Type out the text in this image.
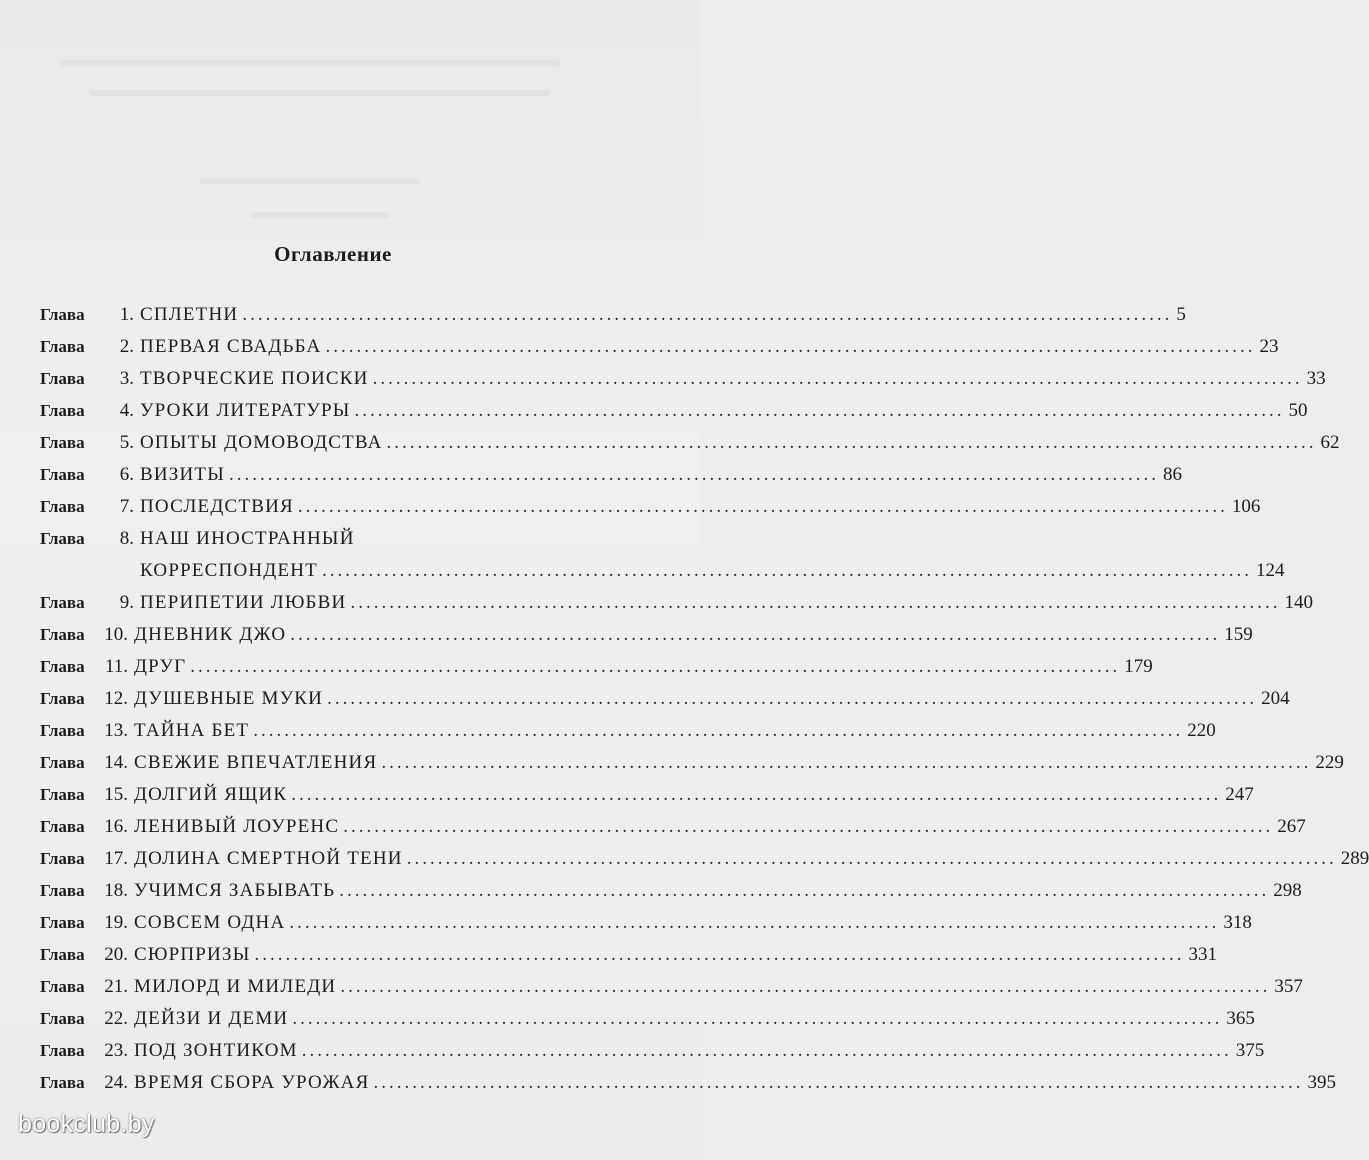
Оглавление
Глава	1. СПЛЕТНИ ........................................................................................................................ 5
Глава	2. ПЕРВАЯ СВАДЬБА ........................................................................................................................ 23
Глава	3. ТВОРЧЕСКИЕ ПОИСКИ ........................................................................................................................ 33
Глава	4. УРОКИ ЛИТЕРАТУРЫ ........................................................................................................................ 50
Глава	5. ОПЫТЫ ДОМОВОДСТВА ........................................................................................................................ 62
Глава	6. ВИЗИТЫ ........................................................................................................................ 86
Глава	7. ПОСЛЕДСТВИЯ ........................................................................................................................ 106
Глава	8. НАШ ИНОСТРАННЫЙ
КОРРЕСПОНДЕНТ ........................................................................................................................ 124
Глава	9. ПЕРИПЕТИИ ЛЮБВИ ........................................................................................................................ 140
Глава	10. ДНЕВНИК ДЖО ........................................................................................................................ 159
Глава	11. ДРУГ ........................................................................................................................ 179
Глава	12. ДУШЕВНЫЕ МУКИ ........................................................................................................................ 204
Глава	13. ТАЙНА БЕТ ........................................................................................................................ 220
Глава	14. СВЕЖИЕ ВПЕЧАТЛЕНИЯ ........................................................................................................................ 229
Глава	15. ДОЛГИЙ ЯЩИК ........................................................................................................................ 247
Глава	16. ЛЕНИВЫЙ ЛОУРЕНС ........................................................................................................................ 267
Глава	17. ДОЛИНА СМЕРТНОЙ ТЕНИ ........................................................................................................................ 289
Глава	18. УЧИМСЯ ЗАБЫВАТЬ ........................................................................................................................ 298
Глава	19. СОВСЕМ ОДНА ........................................................................................................................ 318
Глава	20. СЮРПРИЗЫ ........................................................................................................................ 331
Глава	21. МИЛОРД И МИЛЕДИ ........................................................................................................................ 357
Глава	22. ДЕЙЗИ И ДЕМИ ........................................................................................................................ 365
Глава	23. ПОД ЗОНТИКОМ ........................................................................................................................ 375
Глава	24. ВРЕМЯ СБОРА УРОЖАЯ ........................................................................................................................ 395
bookclub.by
